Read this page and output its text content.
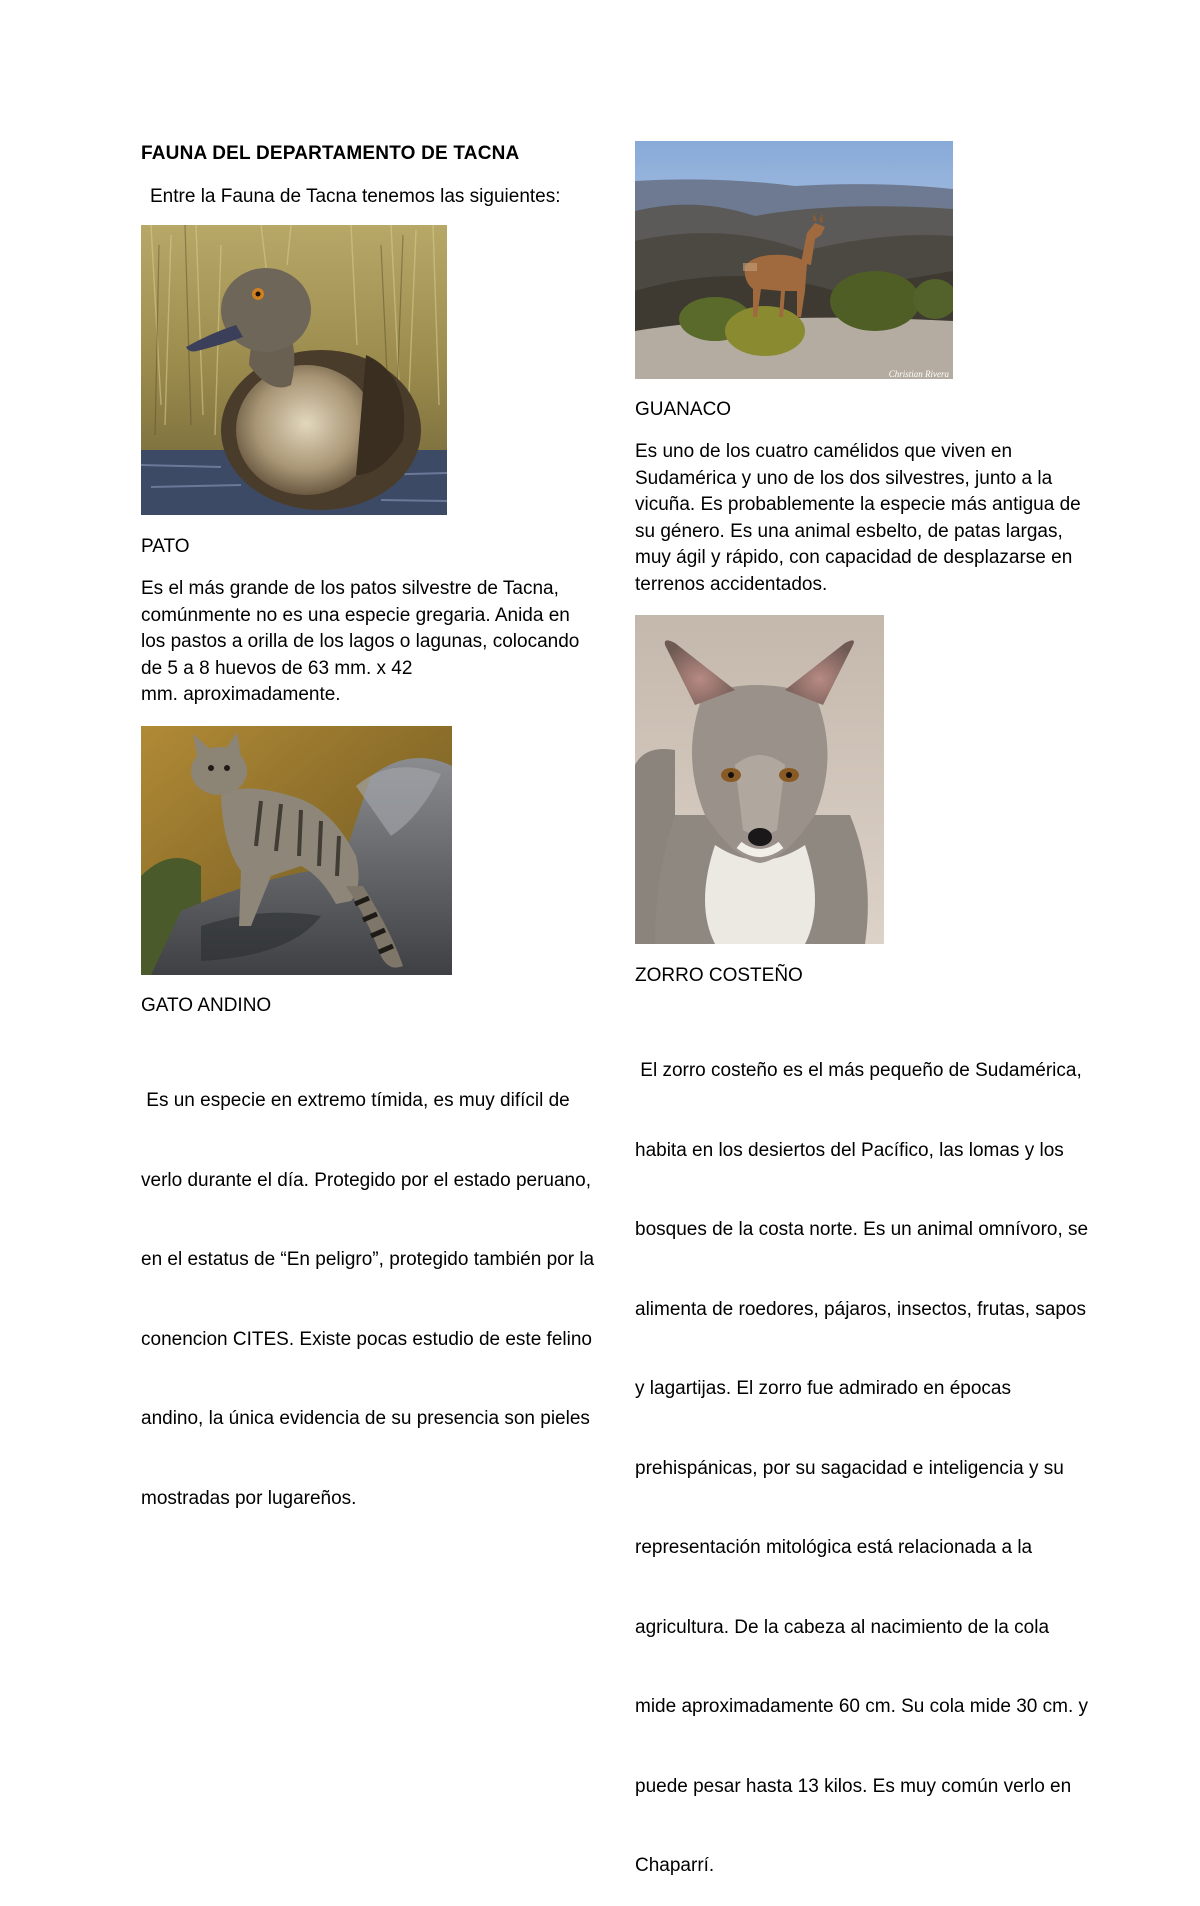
FAUNA DEL DEPARTAMENTO DE TACNA
Entre la Fauna de Tacna tenemos las siguientes:
PATO
Es el más grande de los patos silvestre de Tacna,
comúnmente no es una especie gregaria. Anida en
los pastos a orilla de los lagos o lagunas, colocando
de 5 a 8 huevos de 63 mm. x 42
mm. aproximadamente.
GATO ANDINO

Es un especie en extremo tímida, es muy difícil de

verlo durante el día. Protegido por el estado peruano,

en el estatus de “En peligro”, protegido también por la

conencion CITES. Existe pocas estudio de este felino

andino, la única evidencia de su presencia son pieles

mostradas por lugareños.

Christian Rivera
GUANACO
Es uno de los cuatro camélidos que viven en
Sudamérica y uno de los dos silvestres, junto a la
vicuña. Es probablemente la especie más antigua de
su género. Es una animal esbelto, de patas largas,
muy ágil y rápido, con capacidad de desplazarse en
terrenos accidentados.
ZORRO COSTEÑO

El zorro costeño es el más pequeño de Sudamérica,

habita en los desiertos del Pacífico, las lomas y los

bosques de la costa norte. Es un animal omnívoro, se

alimenta de roedores, pájaros, insectos, frutas, sapos

y lagartijas. El zorro fue admirado en épocas

prehispánicas, por su sagacidad e inteligencia y su

representación mitológica está relacionada a la

agricultura. De la cabeza al nacimiento de la cola

mide aproximadamente 60 cm. Su cola mide 30 cm. y

puede pesar hasta 13 kilos. Es muy común verlo en

Chaparrí.
